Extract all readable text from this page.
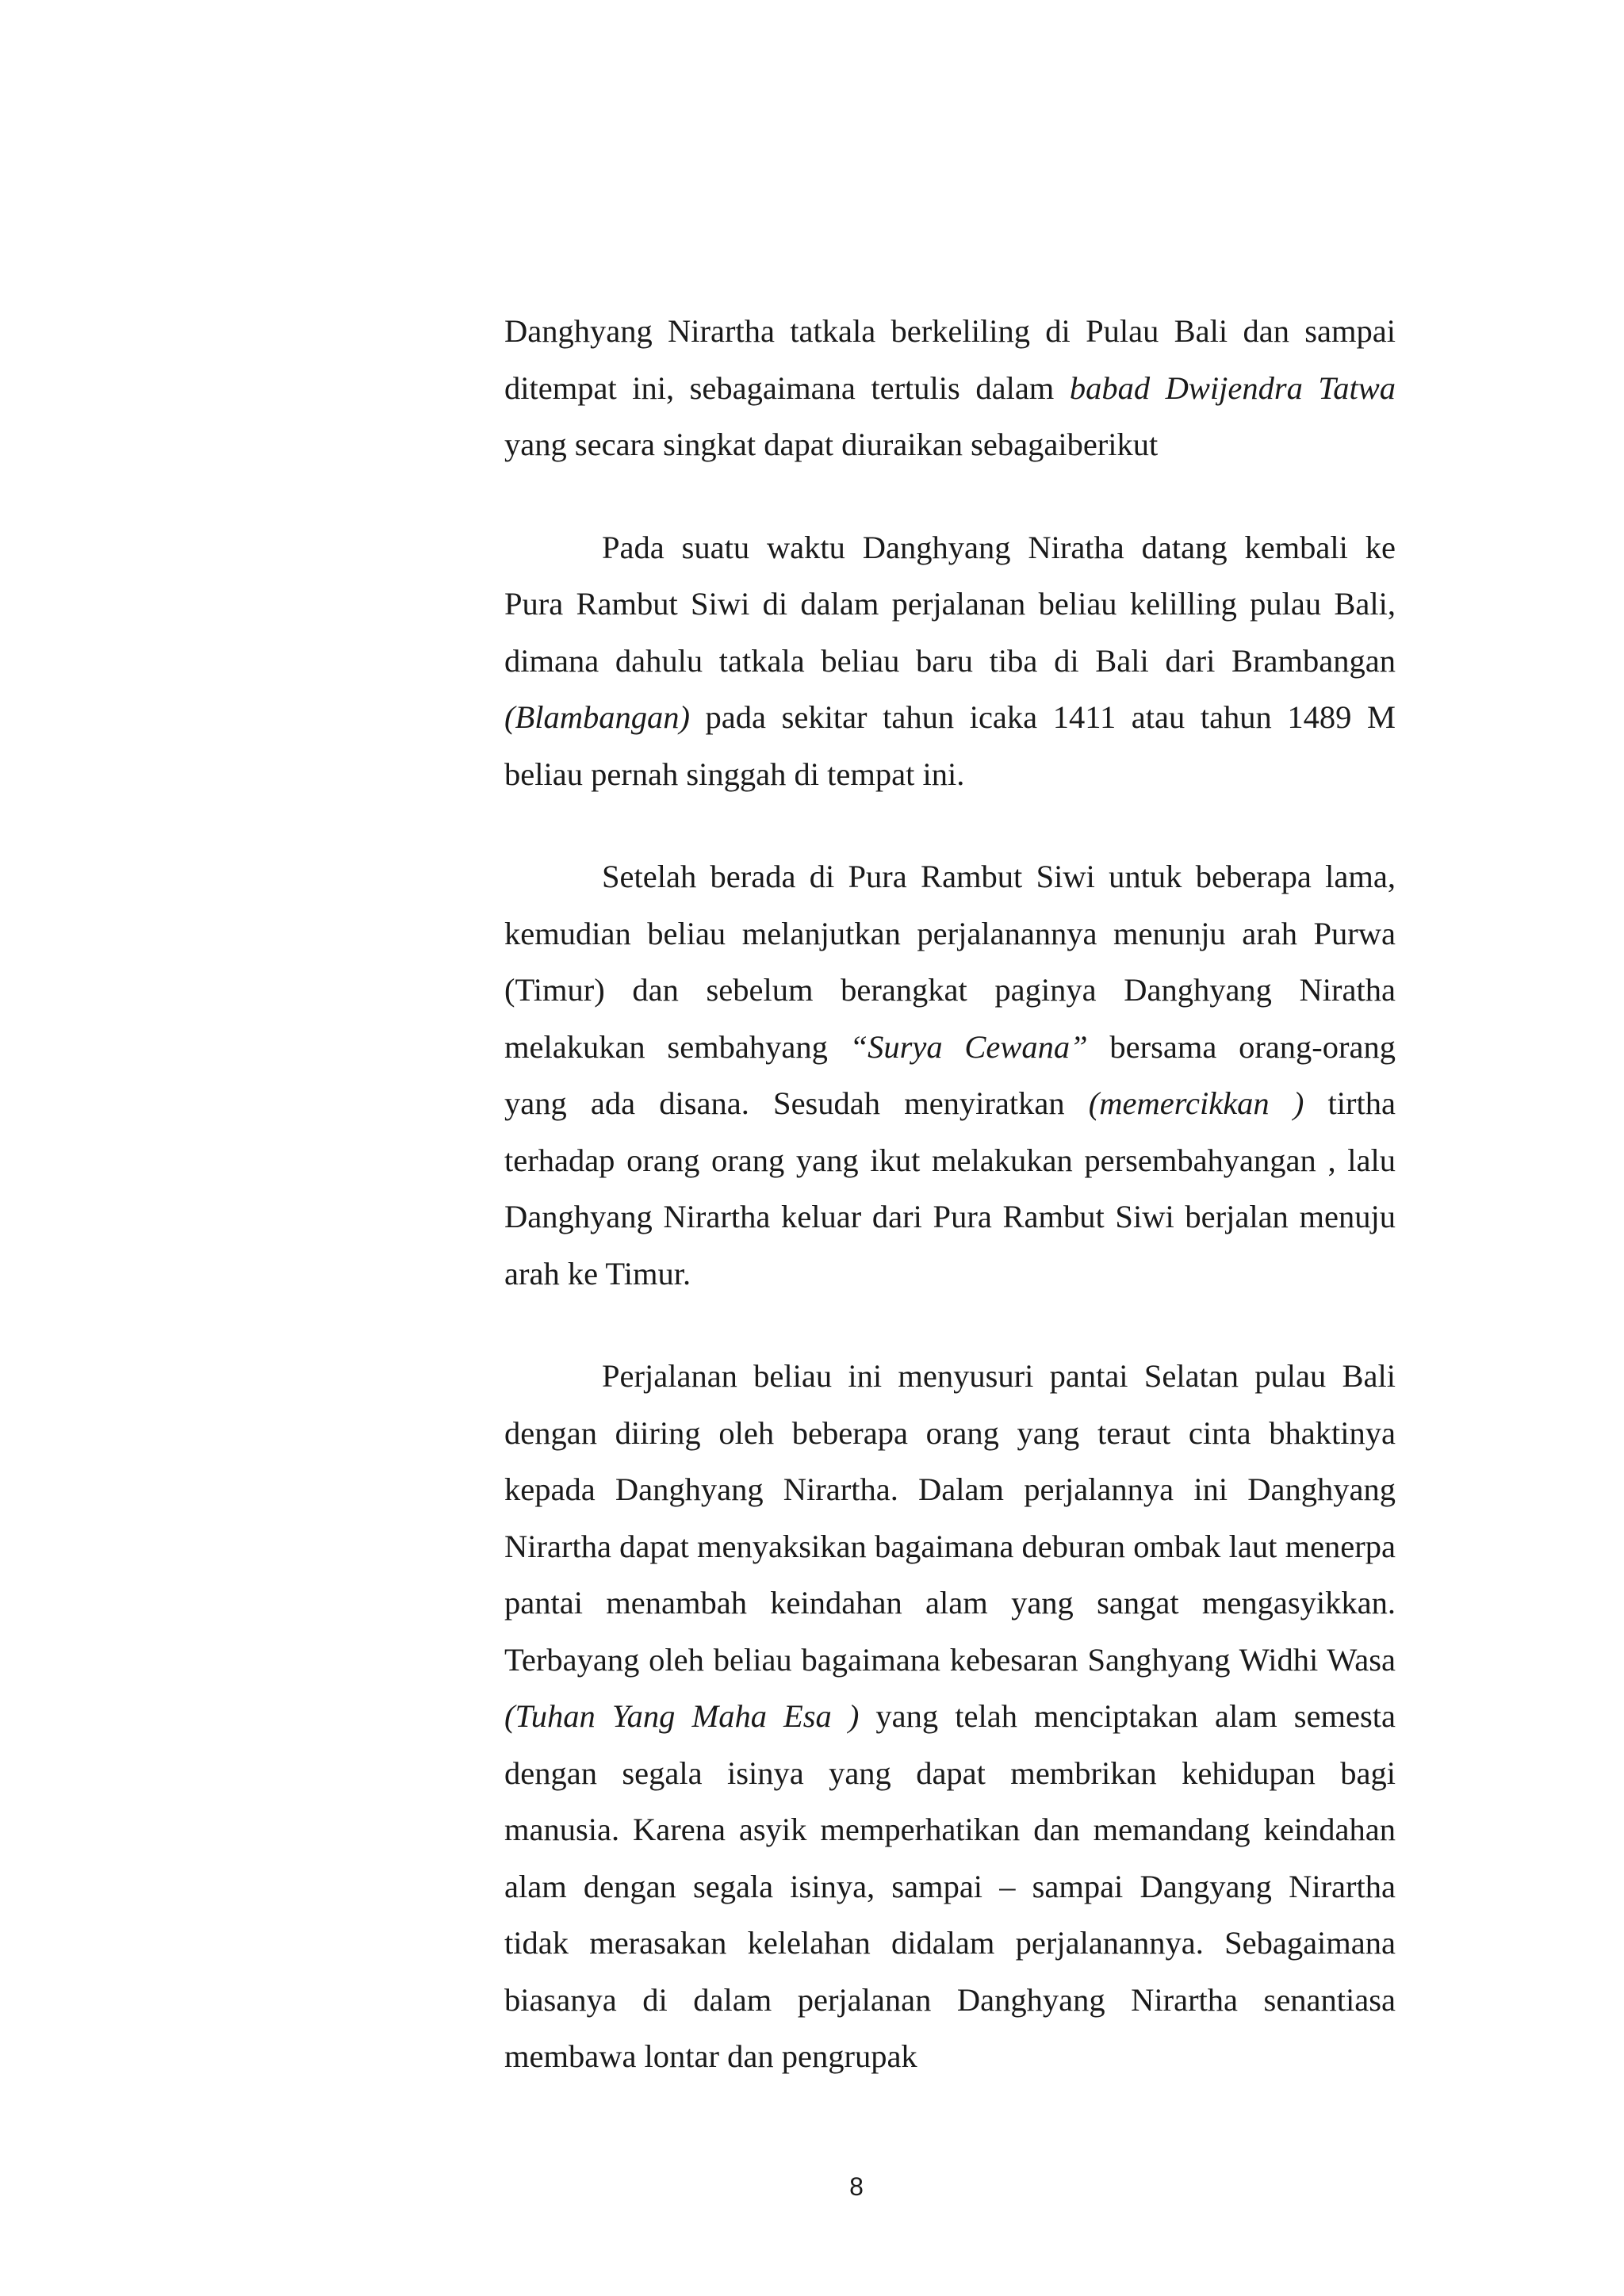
Danghyang Nirartha tatkala berkeliling di Pulau Bali dan sampai ditempat ini, sebagaimana tertulis dalam babad Dwijendra Tatwa yang secara singkat dapat diuraikan sebagaiberikut

Pada suatu waktu Danghyang Niratha datang kembali ke Pura Rambut Siwi di dalam perjalanan beliau kelilling pulau Bali, dimana dahulu tatkala beliau baru tiba di Bali dari Brambangan (Blambangan) pada sekitar tahun icaka 1411 atau tahun 1489 M beliau pernah singgah di tempat ini.

Setelah berada di Pura Rambut Siwi untuk beberapa lama, kemudian beliau melanjutkan perjalanannya menunju arah Purwa (Timur) dan sebelum berangkat paginya Danghyang Niratha melakukan sembahyang “Surya Cewana” bersama orang-orang yang ada disana. Sesudah menyiratkan (memercikkan ) tirtha terhadap orang orang yang ikut melakukan persembahyangan , lalu Danghyang Nirartha keluar dari Pura Rambut Siwi berjalan menuju arah ke Timur.

Perjalanan beliau ini menyusuri pantai Selatan pulau Bali dengan diiring oleh beberapa orang yang teraut cinta bhaktinya kepada Danghyang Nirartha. Dalam perjalannya ini Danghyang Nirartha dapat menyaksikan bagaimana deburan ombak laut menerpa pantai menambah keindahan alam yang sangat mengasyikkan. Terbayang oleh beliau bagaimana kebesaran Sanghyang Widhi Wasa (Tuhan Yang Maha Esa ) yang telah menciptakan alam semesta dengan segala isinya yang dapat membrikan kehidupan bagi manusia. Karena asyik memperhatikan dan memandang keindahan alam dengan segala isinya, sampai – sampai Dangyang Nirartha tidak merasakan kelelahan didalam perjalanannya. Sebagaimana biasanya di dalam perjalanan Danghyang Nirartha senantiasa membawa lontar dan pengrupak

8
